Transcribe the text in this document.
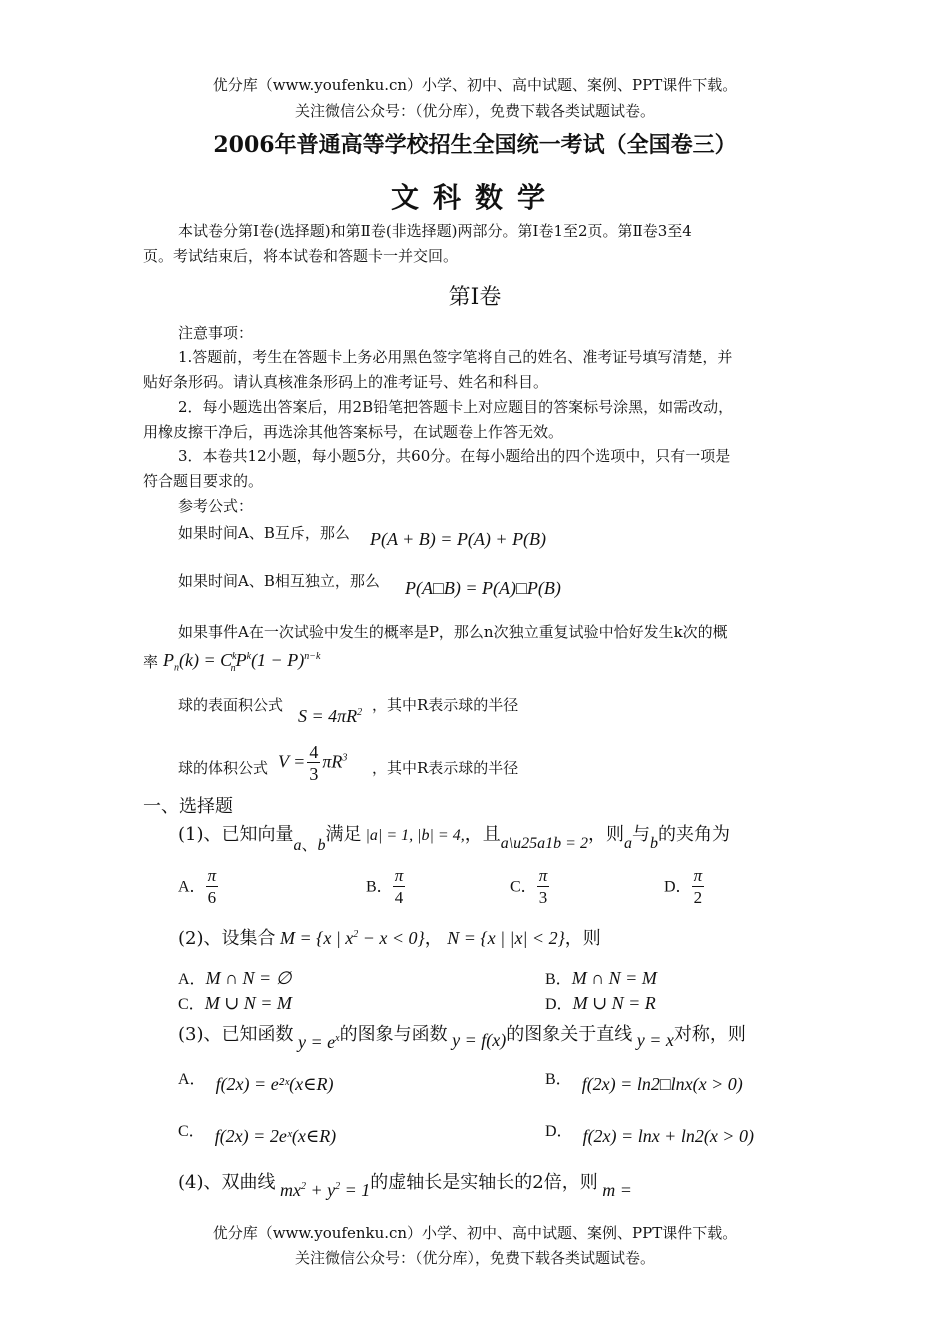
优分库（www.youfenku.cn）小学、初中、高中试题、案例、PPT课件下载。
关注微信公众号：（优分库），免费下载各类试题试卷。
2006年普通高等学校招生全国统一考试（全国卷三）
文科数学
本试卷分第Ⅰ卷(选择题)和第Ⅱ卷(非选择题)两部分。第Ⅰ卷1至2页。第Ⅱ卷3至4
页。考试结束后，将本试卷和答题卡一并交回。
第Ⅰ卷
注意事项：
1.答题前，考生在答题卡上务必用黑色签字笔将自己的姓名、准考证号填写清楚，并
贴好条形码。请认真核准条形码上的准考证号、姓名和科目。
2．每小题选出答案后，用2B铅笔把答题卡上对应题目的答案标号涂黑，如需改动，
用橡皮擦干净后，再选涂其他答案标号，在试题卷上作答无效。
3．本卷共12小题，每小题5分，共60分。在每小题给出的四个选项中，只有一项是
符合题目要求的。
参考公式：
如果时间A、B互斥，那么 P(A + B) = P(A) + P(B)
如果时间A、B相互独立，那么 P(A□B) = P(A)□P(B)
如果事件A在一次试验中发生的概率是P，那么n次独立重复试验中恰好发生k次的概
率 $P_n(k) = C^k_nP^k(1 - P)^{n-k}$
球的表面积公式
$S = 4\pi R^2$ ，其中R表示球的半径
球的体积公式 $V = \frac{4}{3} \pi R^3$
，其中R表示球的半径
一、选择题
(1)、已知向量a、b满足 |a| = 1, |b| = 4,，且a\u25a1b = 2，则a与b的夹角为
A． $\frac{\pi}{6}$	B． $\frac{\pi}{4}$	C． $\frac{\pi}{3}$	D． $\frac{\pi}{2}$
(2)、设集合 M = {x | $x^2 - x < 0$}， N = {x | |x| < 2}，则
A．M ∩ N = ∅	B．M ∩ N = M
C．M ∪ N = M	D．M ∪ N = R
(3)、已知函数 $y = e^x$的图象与函数 y = f(x)的图象关于直线 y = x对称，则
A． f(2x) = e²ˣ(x∈R)	B． f(2x) = ln2□lnx(x > 0)
C． f(2x) = 2eˣ(x∈R)	D． f(2x) = lnx + ln2(x > 0)
(4)、双曲线 $mx^2 + y^2 = 1$的虚轴长是实轴长的2倍，则 m =
优分库（www.youfenku.cn）小学、初中、高中试题、案例、PPT课件下载。
关注微信公众号：（优分库），免费下载各类试题试卷。
